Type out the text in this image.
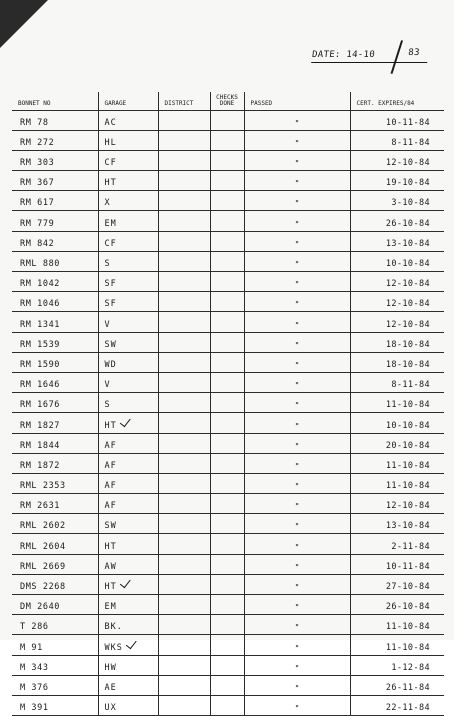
DATE: 14-10	83
BONNET NO	GARAGE	DISTRICT	CHECKS DONE	PASSED	CERT. EXPIRES/84
RM 78	AC			"	10-11-84
RM 272	HL			"	8-11-84
RM 303	CF			"	12-10-84
RM 367	HT			"	19-10-84
RM 617	X			"	3-10-84
RM 779	EM			"	26-10-84
RM 842	CF			"	13-10-84
RML 880	S			"	10-10-84
RM 1042	SF			"	12-10-84
RM 1046	SF			"	12-10-84
RM 1341	V			"	12-10-84
RM 1539	SW			"	18-10-84
RM 1590	WD			"	18-10-84
RM 1646	V			"	8-11-84
RM 1676	S			"	11-10-84
RM 1827	HT			"	10-10-84
RM 1844	AF			"	20-10-84
RM 1872	AF			"	11-10-84
RML 2353	AF			"	11-10-84
RM 2631	AF			"	12-10-84
RML 2602	SW			"	13-10-84
RML 2604	HT			"	2-11-84
RML 2669	AW			"	10-11-84
DMS 2268	HT			"	27-10-84
DM 2640	EM			"	26-10-84
T 286	BK.			"	11-10-84
M 91	WKS			"	11-10-84
M 343	HW			"	1-12-84
M 376	AE			"	26-11-84
M 391	UX			"	22-11-84
